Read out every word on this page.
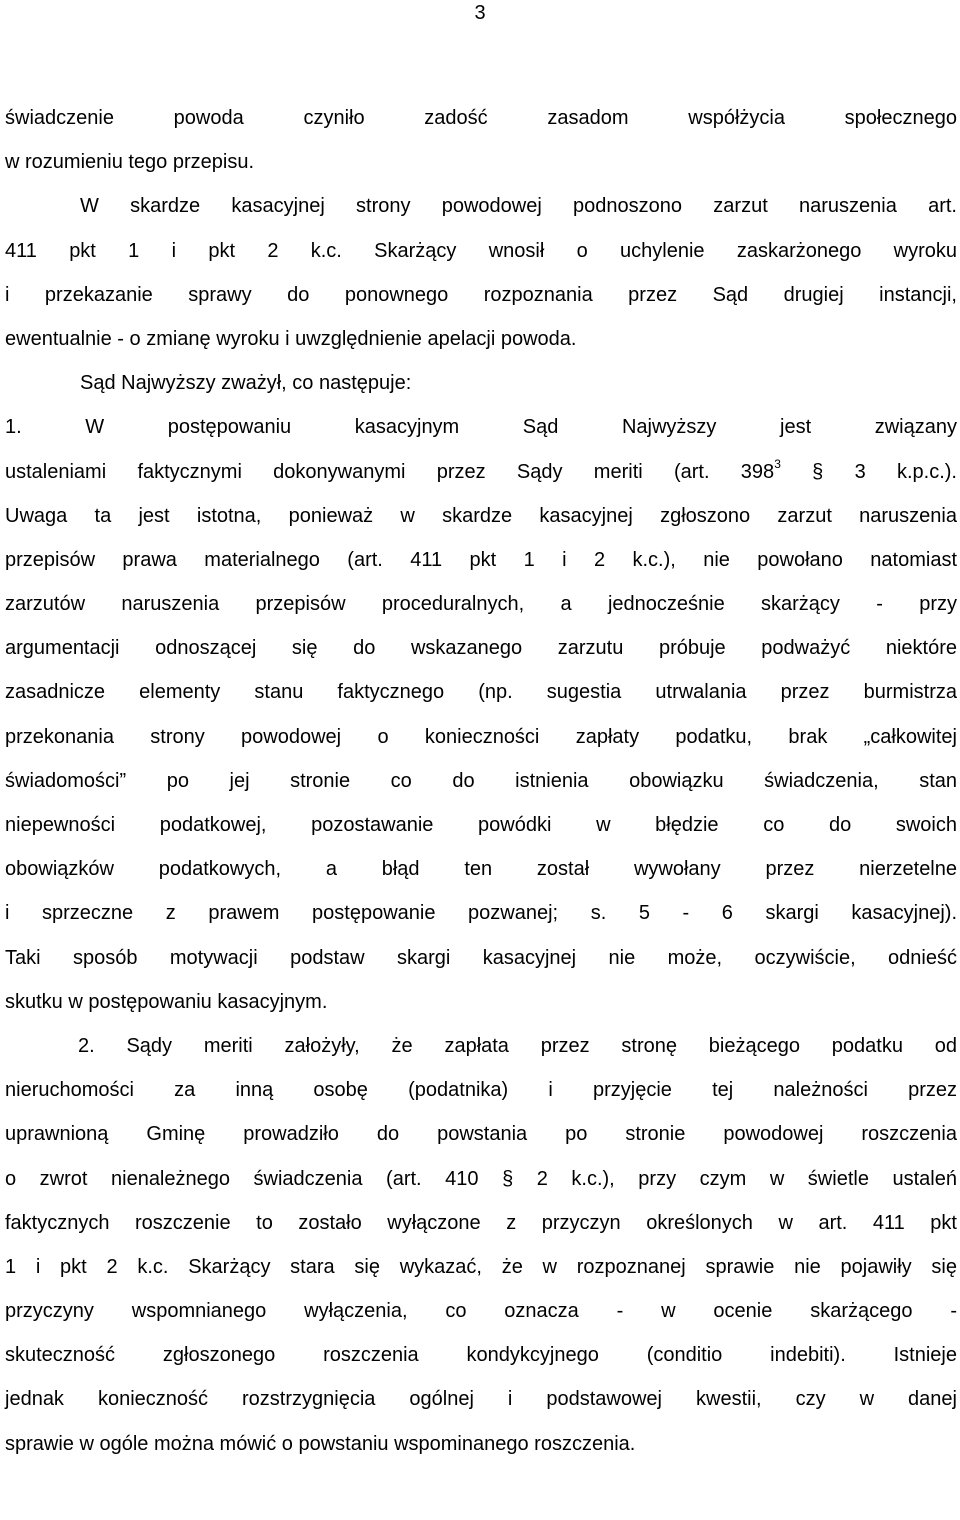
3
świadczenie powoda czyniło zadość zasadom współżycia społecznego
w rozumieniu tego przepisu.
W skardze kasacyjnej strony powodowej podnoszono zarzut naruszenia art.
411 pkt 1 i pkt 2 k.c. Skarżący wnosił o uchylenie zaskarżonego wyroku
i przekazanie sprawy do ponownego rozpoznania przez Sąd drugiej instancji,
ewentualnie - o zmianę wyroku i uwzględnienie apelacji powoda.
Sąd Najwyższy zważył, co następuje:
1. W postępowaniu kasacyjnym Sąd Najwyższy jest związany
ustaleniami faktycznymi dokonywanymi przez Sądy meriti (art. $398^3$ § 3 k.p.c.).
Uwaga ta jest istotna, ponieważ w skardze kasacyjnej zgłoszono zarzut naruszenia
przepisów prawa materialnego (art. 411 pkt 1 i 2 k.c.), nie powołano natomiast
zarzutów naruszenia przepisów proceduralnych, a jednocześnie skarżący - przy
argumentacji odnoszącej się do wskazanego zarzutu próbuje podważyć niektóre
zasadnicze elementy stanu faktycznego (np. sugestia utrwalania przez burmistrza
przekonania strony powodowej o konieczności zapłaty podatku, brak „całkowitej
świadomości” po jej stronie co do istnienia obowiązku świadczenia, stan
niepewności podatkowej, pozostawanie powódki w błędzie co do swoich
obowiązków podatkowych, a błąd ten został wywołany przez nierzetelne
i sprzeczne z prawem postępowanie pozwanej; s. 5 - 6 skargi kasacyjnej).
Taki sposób motywacji podstaw skargi kasacyjnej nie może, oczywiście, odnieść
skutku w postępowaniu kasacyjnym.
2. Sądy meriti założyły, że zapłata przez stronę bieżącego podatku od
nieruchomości za inną osobę (podatnika) i przyjęcie tej należności przez
uprawnioną Gminę prowadziło do powstania po stronie powodowej roszczenia
o zwrot nienależnego świadczenia (art. 410 § 2 k.c.), przy czym w świetle ustaleń
faktycznych roszczenie to zostało wyłączone z przyczyn określonych w art. 411 pkt
1 i pkt 2 k.c. Skarżący stara się wykazać, że w rozpoznanej sprawie nie pojawiły się
przyczyny wspomnianego wyłączenia, co oznacza - w ocenie skarżącego -
skuteczność zgłoszonego roszczenia kondykcyjnego (conditio indebiti). Istnieje
jednak konieczność rozstrzygnięcia ogólnej i podstawowej kwestii, czy w danej
sprawie w ogóle można mówić o powstaniu wspominanego roszczenia.
